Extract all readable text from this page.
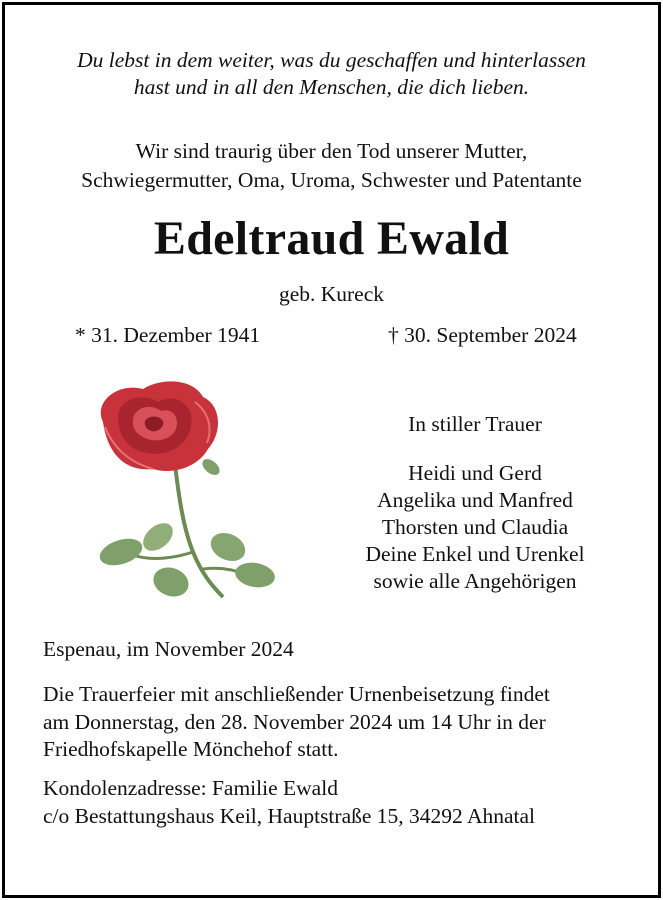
Du lebst in dem weiter, was du geschaffen und hinterlassen
hast und in all den Menschen, die dich lieben.
Wir sind traurig über den Tod unserer Mutter,
Schwiegermutter, Oma, Uroma, Schwester und Patentante
Edeltraud Ewald
geb. Kureck
* 31. Dezember 1941	† 30. September 2024
In stiller Trauer
Heidi und Gerd
Angelika und Manfred
Thorsten und Claudia
Deine Enkel und Urenkel
sowie alle Angehörigen
Espenau, im November 2024
Die Trauerfeier mit anschließender Urnenbeisetzung findet
am Donnerstag, den 28. November 2024 um 14 Uhr in der
Friedhofskapelle Mönchehof statt.
Kondolenzadresse: Familie Ewald
c/o Bestattungshaus Keil, Hauptstraße 15, 34292 Ahnatal
